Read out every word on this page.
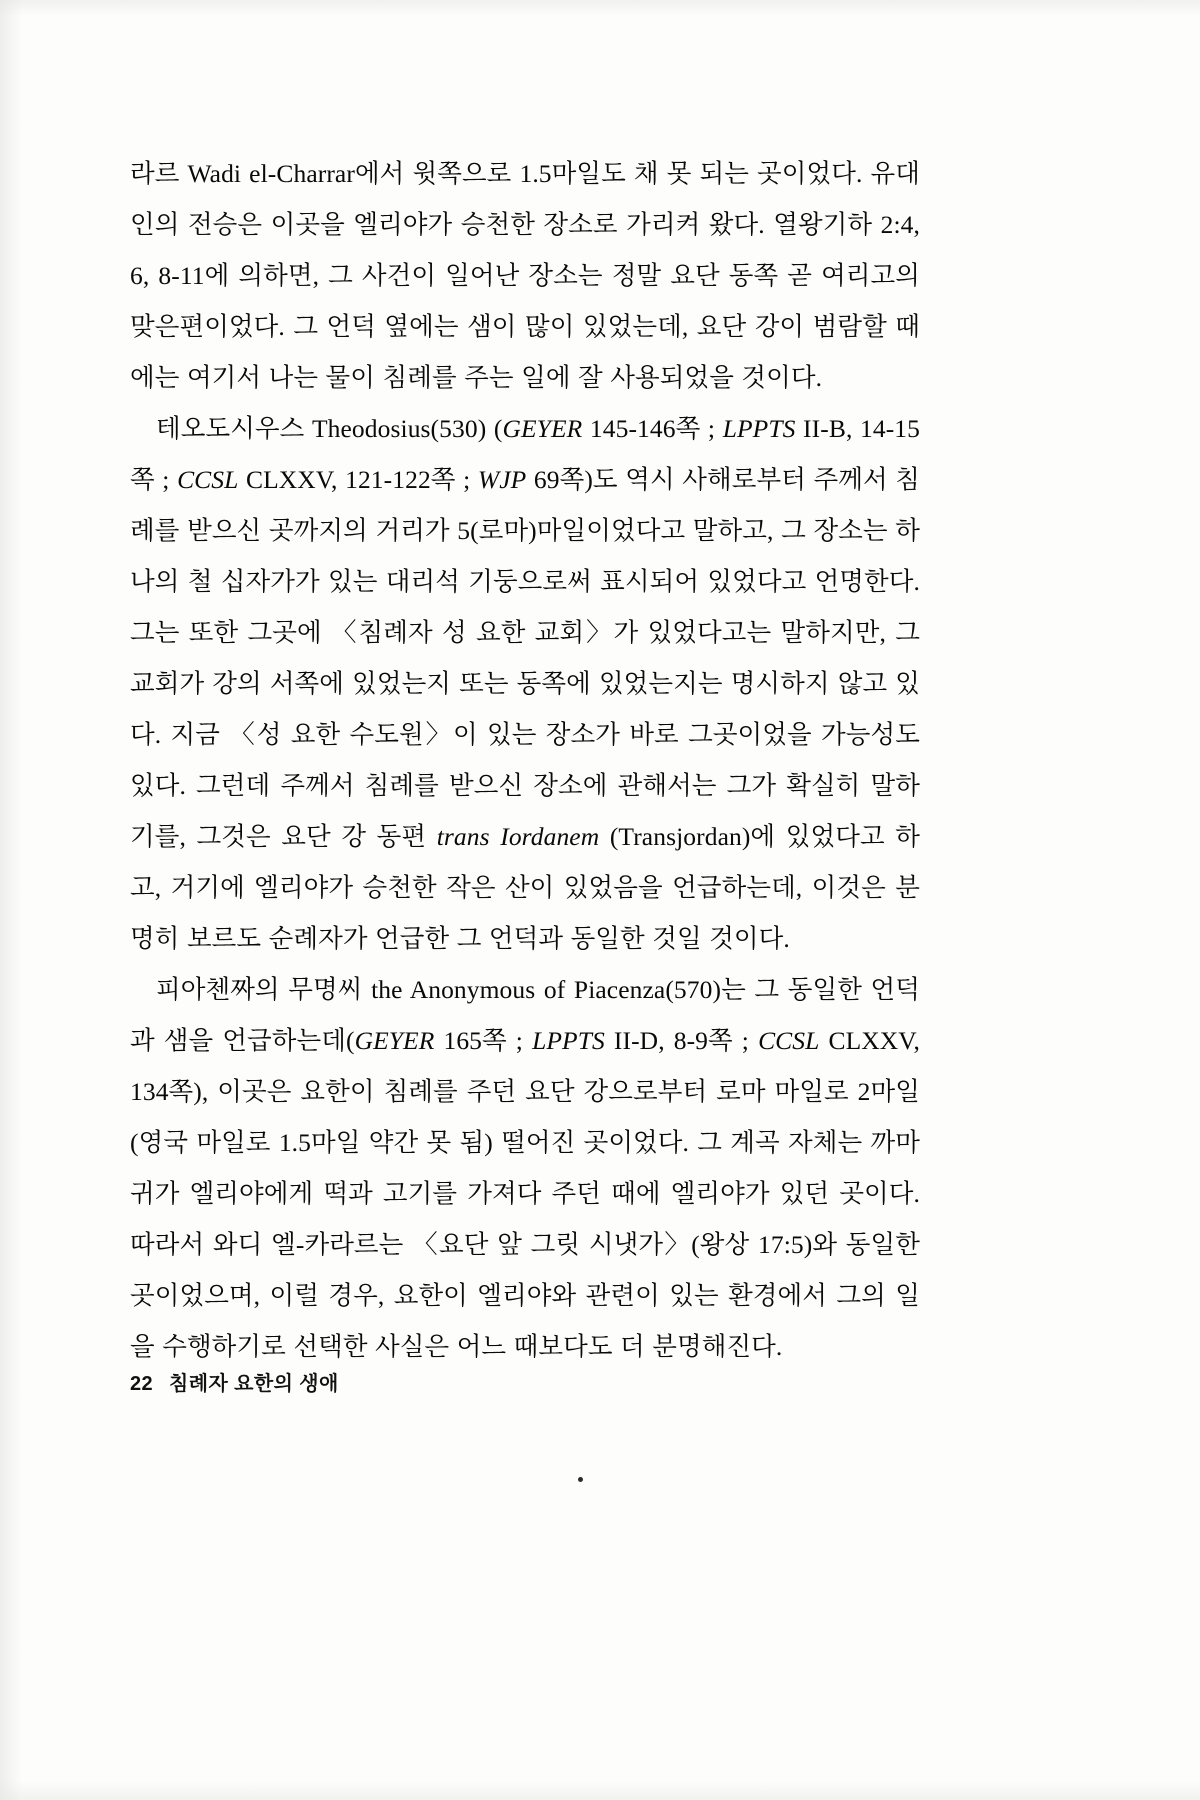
라르 Wadi el-Charrar에서 윗쪽으로 1.5마일도 채 못 되는 곳이었다. 유대인의 전승은 이곳을 엘리야가 승천한 장소로 가리켜 왔다. 열왕기하 2:4, 6, 8-11에 의하면, 그 사건이 일어난 장소는 정말 요단 동쪽 곧 여리고의 맞은편이었다. 그 언덕 옆에는 샘이 많이 있었는데, 요단 강이 범람할 때에는 여기서 나는 물이 침례를 주는 일에 잘 사용되었을 것이다.

테오도시우스 Theodosius(530) (GEYER 145-146쪽 ; LPPTS II-B, 14-15쪽 ; CCSL CLXXV, 121-122쪽 ; WJP 69쪽)도 역시 사해로부터 주께서 침례를 받으신 곳까지의 거리가 5(로마)마일이었다고 말하고, 그 장소는 하나의 철 십자가가 있는 대리석 기둥으로써 표시되어 있었다고 언명한다. 그는 또한 그곳에 〈침례자 성 요한 교회〉가 있었다고는 말하지만, 그 교회가 강의 서쪽에 있었는지 또는 동쪽에 있었는지는 명시하지 않고 있다. 지금 〈성 요한 수도원〉이 있는 장소가 바로 그곳이었을 가능성도 있다. 그런데 주께서 침례를 받으신 장소에 관해서는 그가 확실히 말하기를, 그것은 요단 강 동편 trans Iordanem (Transjordan)에 있었다고 하고, 거기에 엘리야가 승천한 작은 산이 있었음을 언급하는데, 이것은 분명히 보르도 순례자가 언급한 그 언덕과 동일한 것일 것이다.

피아첸짜의 무명씨 the Anonymous of Piacenza(570)는 그 동일한 언덕과 샘을 언급하는데(GEYER 165쪽 ; LPPTS II-D, 8-9쪽 ; CCSL CLXXV, 134쪽), 이곳은 요한이 침례를 주던 요단 강으로부터 로마 마일로 2마일(영국 마일로 1.5마일 약간 못 됨) 떨어진 곳이었다. 그 계곡 자체는 까마귀가 엘리야에게 떡과 고기를 가져다 주던 때에 엘리야가 있던 곳이다. 따라서 와디 엘-카라르는 〈요단 앞 그릿 시냇가〉(왕상 17:5)와 동일한 곳이었으며, 이럴 경우, 요한이 엘리야와 관련이 있는 환경에서 그의 일을 수행하기로 선택한 사실은 어느 때보다도 더 분명해진다.

22 침례자 요한의 생애
